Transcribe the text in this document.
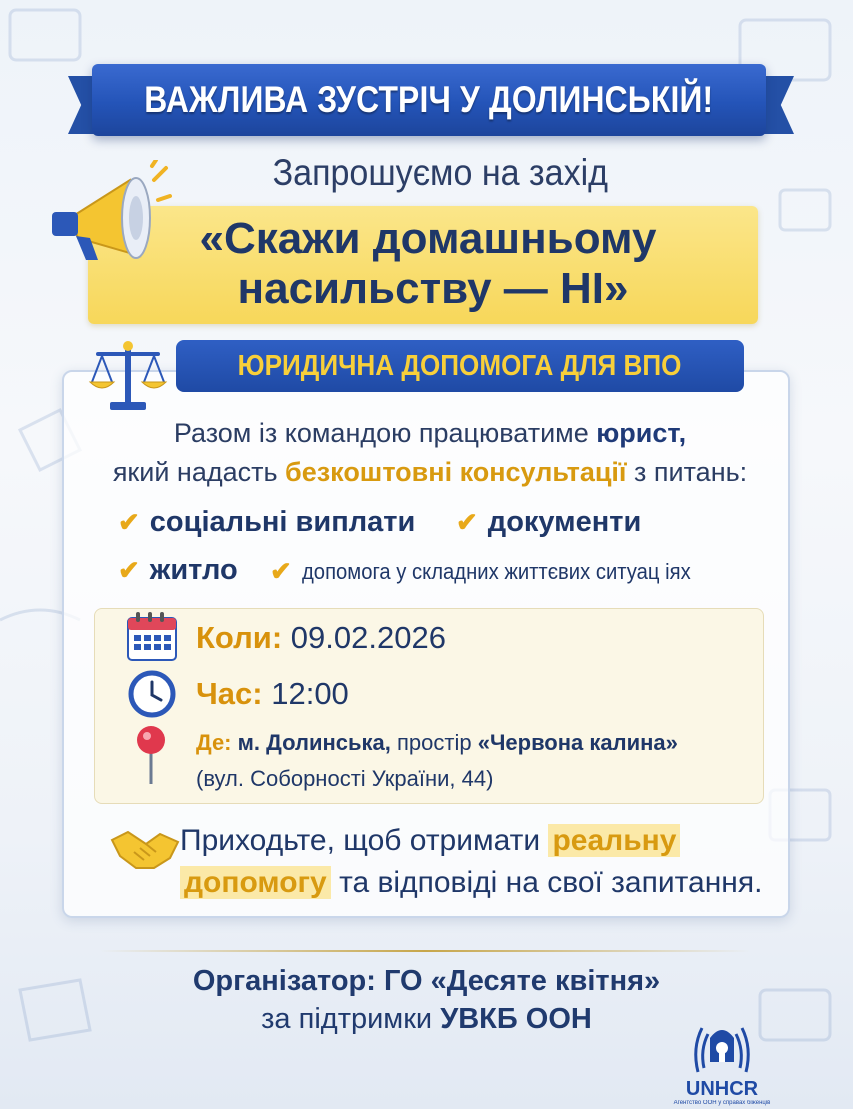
ВАЖЛИВА ЗУСТРІЧ У ДОЛИНСЬКІЙ!
Запрошуємо на захід
«Скажи домашньому
насильству — НІ»
ЮРИДИЧНА ДОПОМОГА ДЛЯ ВПО
Разом із командою працюватиме юрист,
який надасть безкоштовні консультації з питань:
✔ соціальні виплати ✔ документи
✔ житло ✔ допомога у складних життєвих ситуац іях
Коли: 09.02.2026
Час: 12:00
Де: м. Долинська, простір «Червона калина»
(вул. Соборності України, 44)
Приходьте, щоб отримати реальну
допомогу та відповіді на свої запитання.
Організатор: ГО «Десяте квітня»
за підтримки УВКБ ООН
UNHCR
Агентство ООН у справах біженців
